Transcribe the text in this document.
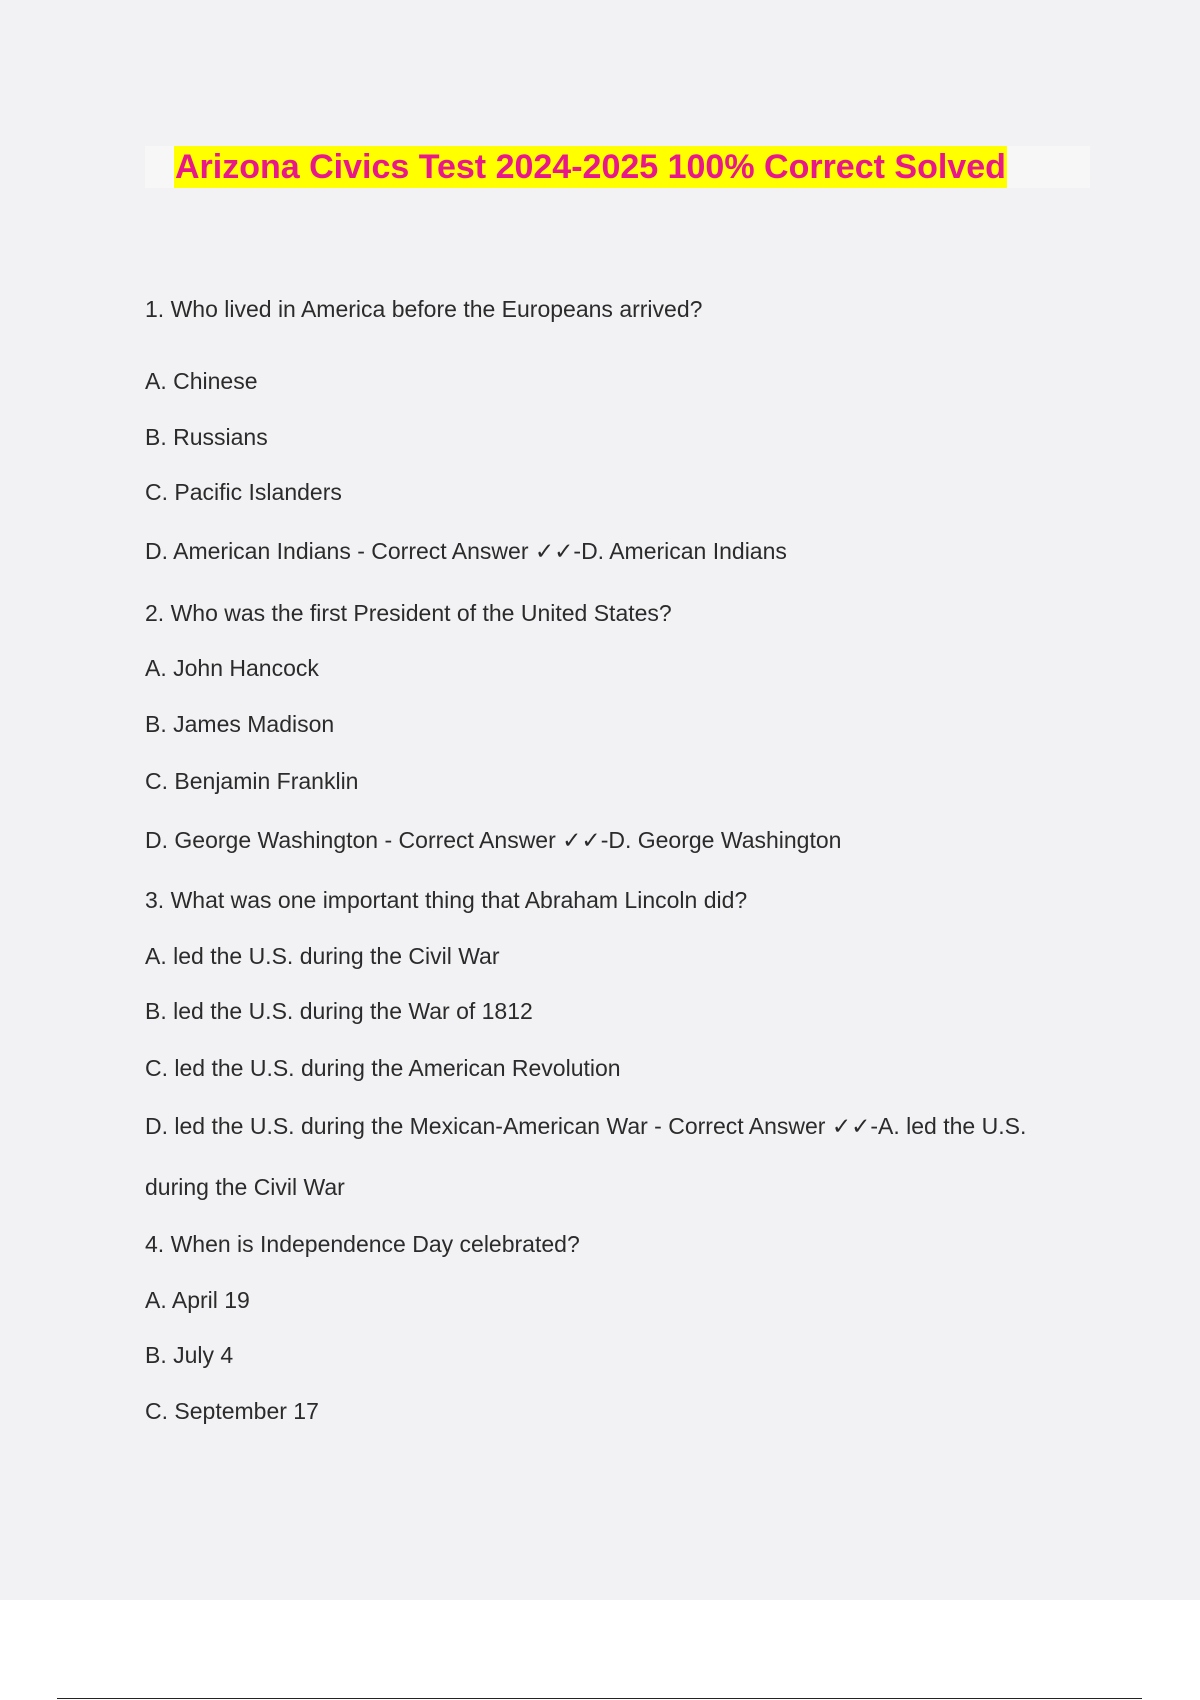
Arizona Civics Test 2024-2025 100% Correct Solved
1. Who lived in America before the Europeans arrived?
A. Chinese
B. Russians
C. Pacific Islanders
D. American Indians - Correct Answer ✓✓-D. American Indians
2. Who was the first President of the United States?
A. John Hancock
B. James Madison
C. Benjamin Franklin
D. George Washington - Correct Answer ✓✓-D. George Washington
3. What was one important thing that Abraham Lincoln did?
A. led the U.S. during the Civil War
B. led the U.S. during the War of 1812
C. led the U.S. during the American Revolution
D. led the U.S. during the Mexican-American War - Correct Answer ✓✓-A. led the U.S.
during the Civil War
4. When is Independence Day celebrated?
A. April 19
B. July 4
C. September 17
